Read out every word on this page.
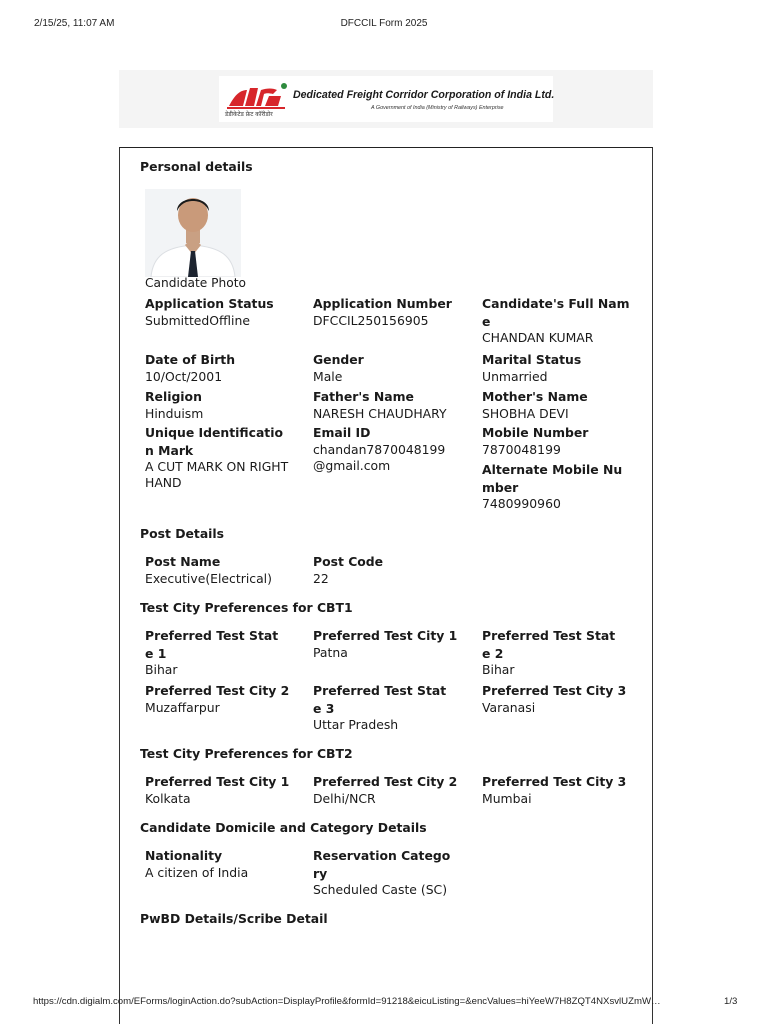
2/15/25, 11:07 AM	DFCCIL Form 2025
डेडीकेटेड फ्रेट कॉरीडोर
Dedicated Freight Corridor Corporation of India Ltd.
A Government of India (Ministry of Railways) Enterprise
Personal details
Candidate Photo
Application Status
SubmittedOffline
Application Number
DFCCIL250156905
Candidate's Full Name
CHANDAN KUMAR
Date of Birth
10/Oct/2001
Gender
Male
Marital Status
Unmarried
Religion
Hinduism
Father's Name
NARESH CHAUDHARY
Mother's Name
SHOBHA DEVI
Unique Identification Mark
A CUT MARK ON RIGHT HAND
Email ID
chandan7870048199@gmail.com
Mobile Number
7870048199
Alternate Mobile Number
7480990960
Post Details
Post Name
Executive(Electrical)
Post Code
22
Test City Preferences for CBT1
Preferred Test State 1
Bihar
Preferred Test City 1
Patna
Preferred Test State 2
Bihar
Preferred Test City 2
Muzaffarpur
Preferred Test State 3
Uttar Pradesh
Preferred Test City 3
Varanasi
Test City Preferences for CBT2
Preferred Test City 1
Kolkata
Preferred Test City 2
Delhi/NCR
Preferred Test City 3
Mumbai
Candidate Domicile and Category Details
Nationality
A citizen of India
Reservation Category
Scheduled Caste (SC)
PwBD Details/Scribe Detail
https://cdn.digialm.com/EForms/loginAction.do?subAction=DisplayProfile&formId=91218&eicuListing=&encValues=hiYeeW7H8ZQT4NXsvlUZmW…	1/3
